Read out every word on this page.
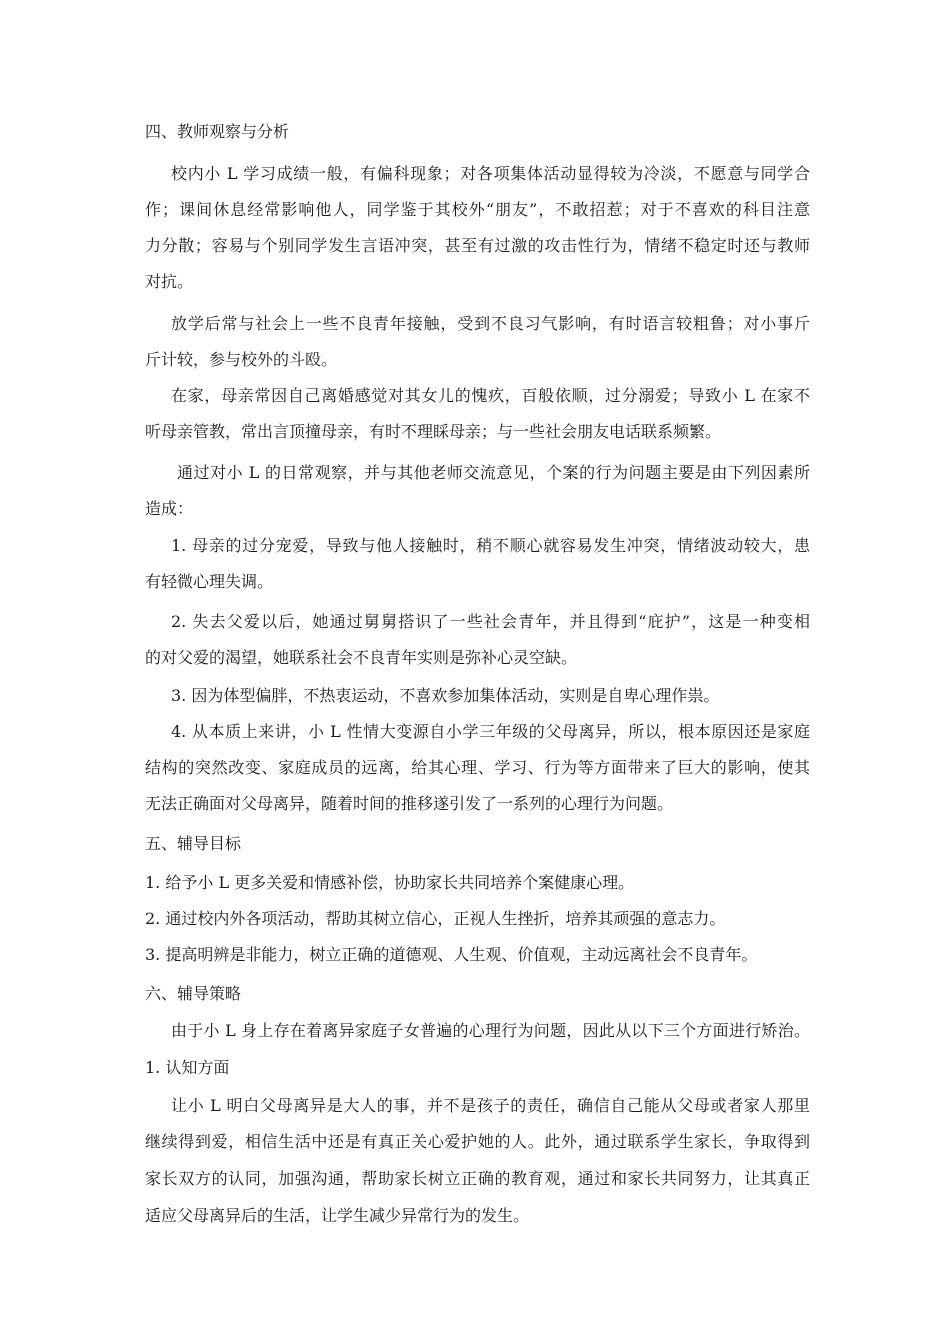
四、教师观察与分析
校内小 L 学习成绩一般，有偏科现象；对各项集体活动显得较为冷淡，不愿意与同学合
作；课间休息经常影响他人，同学鉴于其校外“朋友”，不敢招惹；对于不喜欢的科目注意
力分散；容易与个别同学发生言语冲突，甚至有过激的攻击性行为，情绪不稳定时还与教师
对抗。
放学后常与社会上一些不良青年接触，受到不良习气影响，有时语言较粗鲁；对小事斤
斤计较，参与校外的斗殴。
在家，母亲常因自己离婚感觉对其女儿的愧疚，百般依顺，过分溺爱；导致小 L 在家不
听母亲管教，常出言顶撞母亲，有时不理睬母亲；与一些社会朋友电话联系频繁。
通过对小 L 的日常观察，并与其他老师交流意见，个案的行为问题主要是由下列因素所
造成：
1. 母亲的过分宠爱，导致与他人接触时，稍不顺心就容易发生冲突，情绪波动较大，患
有轻微心理失调。
2. 失去父爱以后，她通过舅舅搭识了一些社会青年，并且得到“庇护”，这是一种变相
的对父爱的渴望，她联系社会不良青年实则是弥补心灵空缺。
3. 因为体型偏胖，不热衷运动，不喜欢参加集体活动，实则是自卑心理作祟。
4. 从本质上来讲，小 L 性情大变源自小学三年级的父母离异，所以，根本原因还是家庭
结构的突然改变、家庭成员的远离，给其心理、学习、行为等方面带来了巨大的影响，使其
无法正确面对父母离异，随着时间的推移遂引发了一系列的心理行为问题。
五、辅导目标
1. 给予小 L 更多关爱和情感补偿，协助家长共同培养个案健康心理。
2. 通过校内外各项活动，帮助其树立信心，正视人生挫折，培养其顽强的意志力。
3. 提高明辨是非能力，树立正确的道德观、人生观、价值观，主动远离社会不良青年。
六、辅导策略
由于小 L 身上存在着离异家庭子女普遍的心理行为问题，因此从以下三个方面进行矫治。
1. 认知方面
让小 L 明白父母离异是大人的事，并不是孩子的责任，确信自己能从父母或者家人那里
继续得到爱，相信生活中还是有真正关心爱护她的人。此外，通过联系学生家长，争取得到
家长双方的认同，加强沟通，帮助家长树立正确的教育观，通过和家长共同努力，让其真正
适应父母离异后的生活，让学生减少异常行为的发生。
